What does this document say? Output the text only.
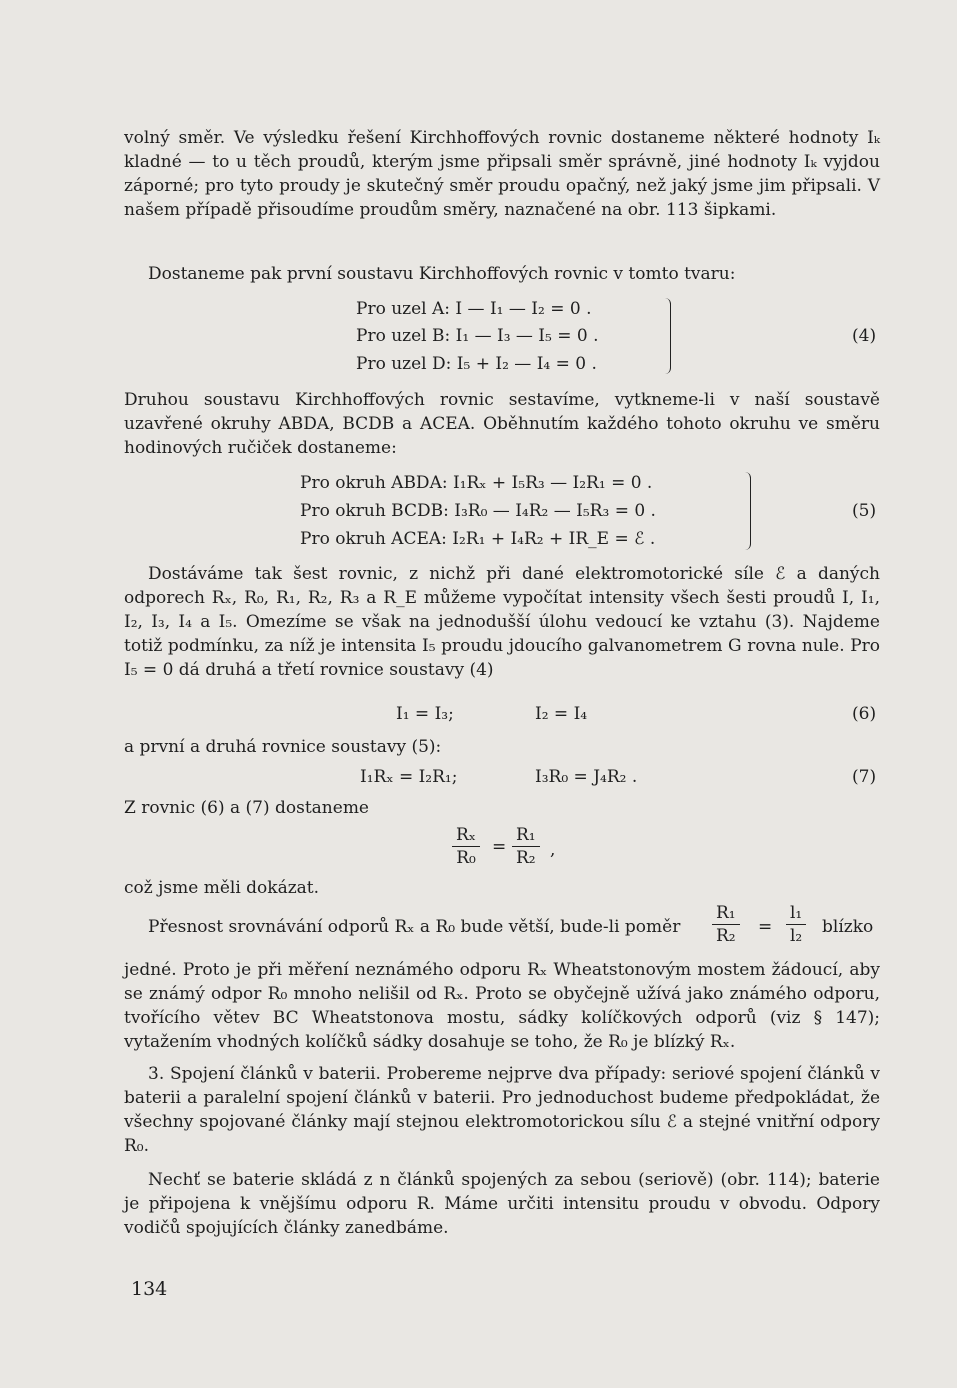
volný směr. Ve výsledku řešení Kirchhoffových rovnic dostaneme některé hodnoty Iₖ kladné — to u těch proudů, kterým jsme připsali směr správně, jiné hodnoty Iₖ vyjdou záporné; pro tyto proudy je skutečný směr proudu opačný, než jaký jsme jim připsali. V našem případě přisoudíme proudům směry, naznačené na obr. 113 šipkami.
Dostaneme pak první soustavu Kirchhoffových rovnic v tomto tvaru:
Pro uzel A: I — I₁ — I₂ = 0 .
Pro uzel B: I₁ — I₃ — I₅ = 0 .
Pro uzel D: I₅ + I₂ — I₄ = 0 .
(4)
Druhou soustavu Kirchhoffových rovnic sestavíme, vytkneme-li v naší soustavě uzavřené okruhy ABDA, BCDB a ACEA. Oběhnutím každého tohoto okruhu ve směru hodinových ručiček dostaneme:
Pro okruh ABDA: I₁Rₓ + I₅R₃ — I₂R₁ = 0 .
Pro okruh BCDB: I₃R₀ — I₄R₂ — I₅R₃ = 0 .
Pro okruh ACEA: I₂R₁ + I₄R₂ + IR_E = ℰ .
(5)
Dostáváme tak šest rovnic, z nichž při dané elektromotorické síle ℰ a daných odporech Rₓ, R₀, R₁, R₂, R₃ a R_E můžeme vypočítat intensity všech šesti proudů I, I₁, I₂, I₃, I₄ a I₅. Omezíme se však na jednodušší úlohu vedoucí ke vztahu (3). Najdeme totiž podmínku, za níž je intensita I₅ proudu jdoucího galvanometrem G rovna nule. Pro I₅ = 0 dá druhá a třetí rovnice soustavy (4)
I₁ = I₃;	I₂ = I₄	(6)
a první a druhá rovnice soustavy (5):
I₁Rₓ = I₂R₁;	I₃R₀ = J₄R₂ .	(7)
Z rovnic (6) a (7) dostaneme
$\frac{\text{Rₓ}}{\text{R₀}} = \frac{\text{R₁}}{\text{R₂}}$ ,
což jsme měli dokázat.
Přesnost srovnávání odporů Rₓ a R₀ bude větší, bude-li poměr $\frac{\text{R₁}}{\text{R₂}} = \frac{\text{l₁}}{\text{l₂}}$ blízko
jedné. Proto je při měření neznámého odporu Rₓ Wheatstonovým mostem žádoucí, aby se známý odpor R₀ mnoho nelišil od Rₓ. Proto se obyčejně užívá jako známého odporu, tvořícího větev BC Wheatstonova mostu, sádky kolíčkových odporů (viz § 147); vytažením vhodných kolíčků sádky dosahuje se toho, že R₀ je blízký Rₓ.
3. Spojení článků v baterii. Probereme nejprve dva případy: seriové spojení článků v baterii a paralelní spojení článků v baterii. Pro jednoduchost budeme předpokládat, že všechny spojované články mají stejnou elektromotorickou sílu ℰ a stejné vnitřní odpory R₀.
Nechť se baterie skládá z n článků spojených za sebou (seriově) (obr. 114); baterie je připojena k vnějšímu odporu R. Máme určiti intensitu proudu v obvodu. Odpory vodičů spojujících články zanedbáme.
134
